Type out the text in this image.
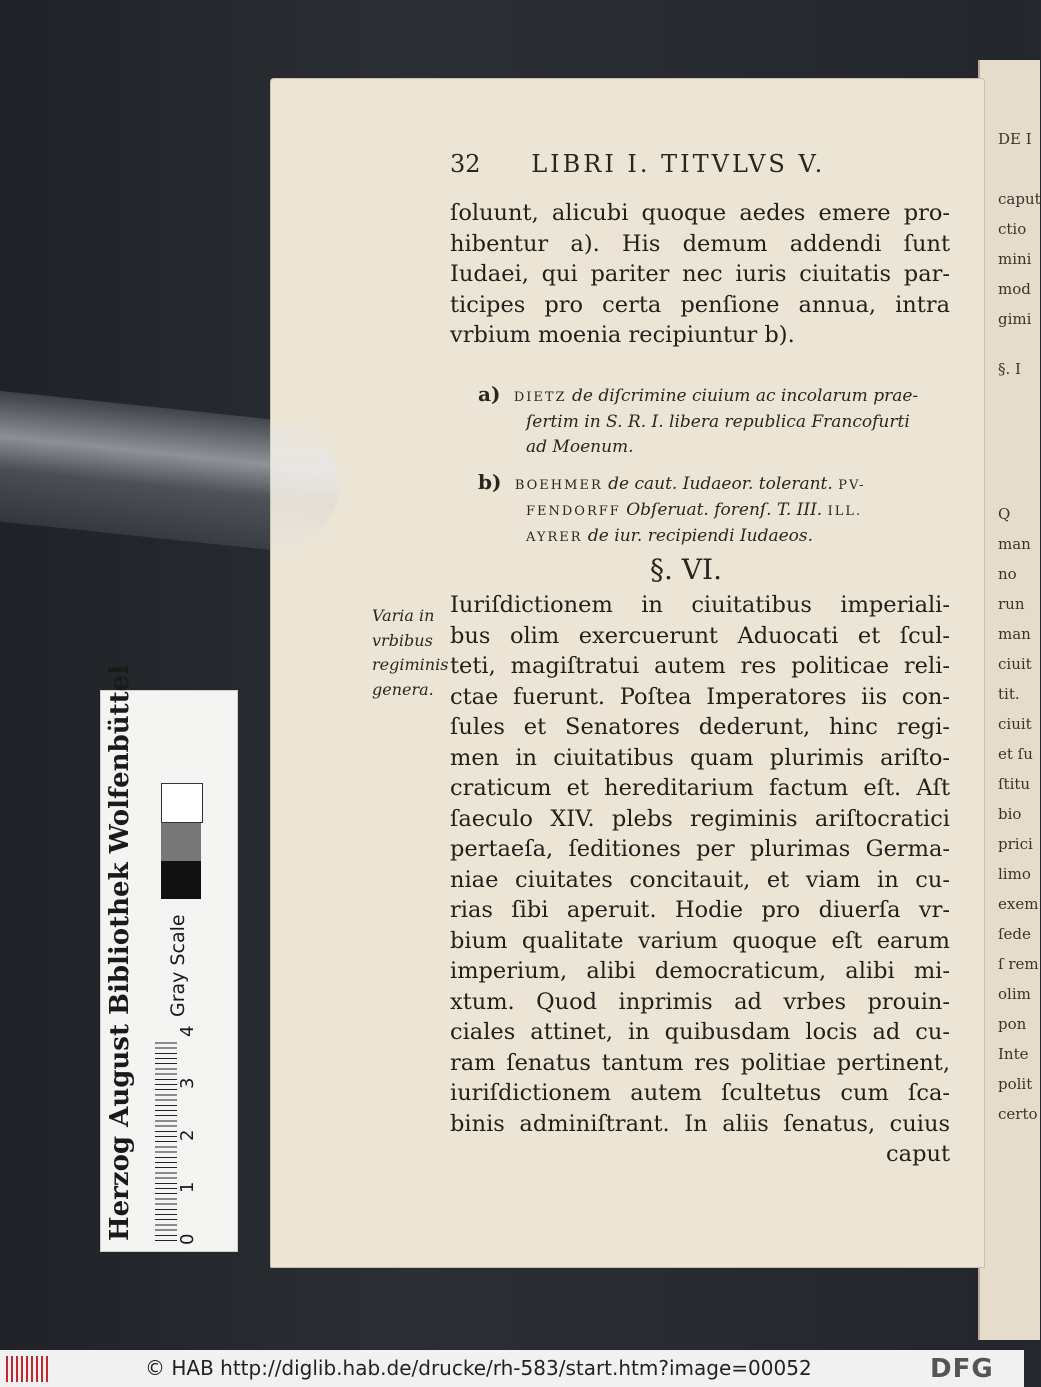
DE I
caput
ctio
mini
mod
gimi
§. I
Q
man
no
run
man
ciuit
tit.
ciuit
et ſu
ſtitu
bio
prici
limo
exem
ſede
ſ rem
olim
pon
Inte
polit
certo
32 LIBRI I. TITVLVS V.
ſoluunt, alicubi quoque aedes emere pro-
hibentur a). His demum addendi ſunt
Iudaei, qui pariter nec iuris ciuitatis par-
ticipes pro certa penſione annua, intra
vrbium moenia recipiuntur b).
a) DIETZ de diſcrimine ciuium ac incolarum prae-
ſertim in S. R. I. libera republica Francofurti
ad Moenum.
b) BOEHMER de caut. Iudaeor. tolerant. PV-
FENDORFF Obſeruat. forenſ. T. III. ILL.
AYRER de iur. recipiendi Iudaeos.
§. VI.
Varia in
vrbibus
regiminis
genera.
Iuriſdictionem in ciuitatibus imperiali-
bus olim exercuerunt Aduocati et ſcul-
teti, magiſtratui autem res politicae reli-
ctae fuerunt. Poſtea Imperatores iis con-
ſules et Senatores dederunt, hinc regi-
men in ciuitatibus quam plurimis ariſto-
craticum et hereditarium factum eſt. Aſt
ſaeculo XIV. plebs regiminis ariſtocratici
pertaeſa, ſeditiones per plurimas Germa-
niae ciuitates concitauit, et viam in cu-
rias ſibi aperuit. Hodie pro diuerſa vr-
bium qualitate varium quoque eſt earum
imperium, alibi democraticum, alibi mi-
xtum. Quod inprimis ad vrbes prouin-
ciales attinet, in quibusdam locis ad cu-
ram ſenatus tantum res politiae pertinent,
iuriſdictionem autem ſcultetus cum ſca-
binis adminiſtrant. In aliis ſenatus, cuius
caput
Herzog August Bibliothek Wolfenbüttel 0
1
2
3
4
Gray Scale
© HAB http://diglib.hab.de/drucke/rh-583/start.htm?image=00052	DFG
